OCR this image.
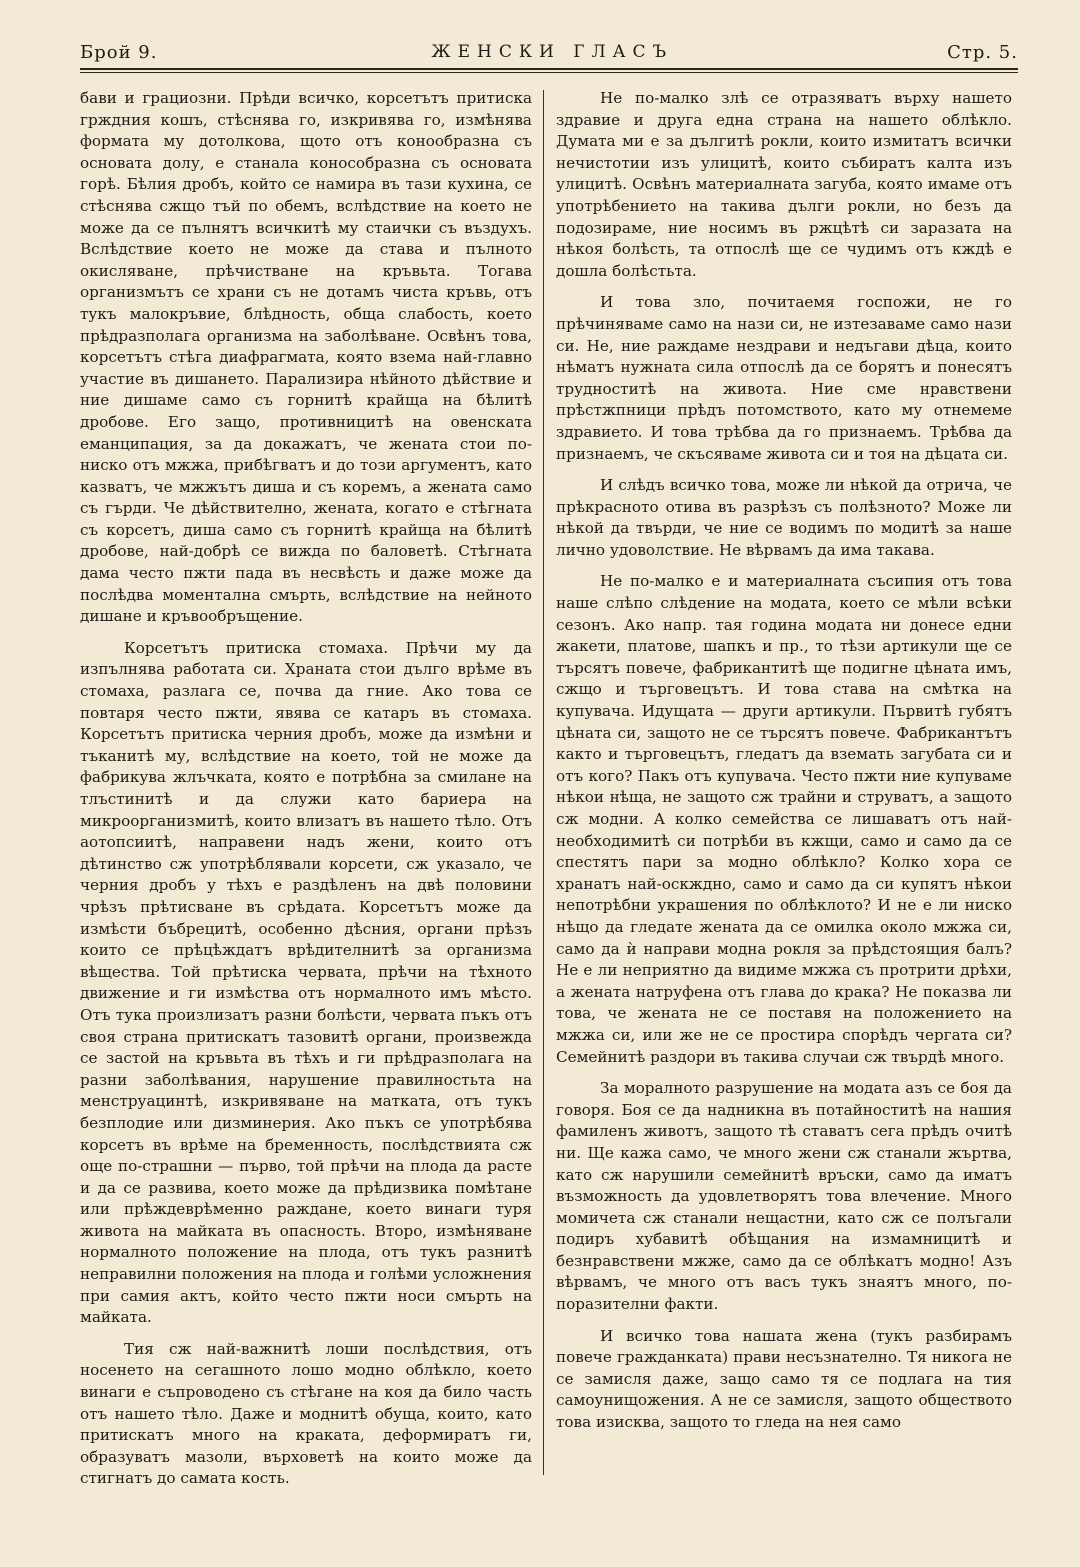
Брой 9.	ЖЕНСКИ ГЛАСЪ	Стр. 5.

бави и грациозни. Прѣди всичко, корсетътъ притиска грждния кошъ, стѣснява го, изкривява го, измѣнява формата му дотолкова, щото отъ конообразна съ основата долу, е станала конособразна съ основата горѣ. Бѣлия дробъ, който се намира въ тази кухина, се стѣснява сжщо тъй по обемъ, вслѣдствие на което не може да се пълнятъ всичкитѣ му стаички съ въздухъ. Вслѣдствие което не може да става и пълното окисляване, прѣчистване на кръвьта. Тогава организмътъ се храни съ не дотамъ чиста кръвь, отъ тукъ малокръвие, блѣдность, обща слабость, което прѣдразполага организма на заболѣване. Освѣнъ това, корсетътъ стѣга диафрагмата, която взема най-главно участие въ дишането. Парализира нѣйното дѣйствие и ние дишаме само съ горнитѣ крайща на бѣлитѣ дробове. Его защо, противницитѣ на овенската еманципация, за да докажатъ, че жената стои по-ниско отъ мжжа, прибѣгватъ и до този аргументъ, като казватъ, че мжжътъ диша и съ коремъ, а жената само съ гърди. Че дѣйствително, жената, когато е стѣгната съ корсетъ, диша само съ горнитѣ крайща на бѣлитѣ дробове, най-добрѣ се вижда по баловетѣ. Стѣгнатa дама често пжти пада въ несвѣсть и даже може да послѣдва моментална смърть, вслѣдствие на нейното дишане и кръвообръщение.

Корсетътъ притиска стомаха. Прѣчи му да изпълнява работата си. Храната стои дълго врѣме въ стомаха, разлага се, почва да гние. Ако това се повтаря често пжти, явява се катаръ въ стомаха. Корсетътъ притиска черния дробъ, може да измѣни и тъканитѣ му, вслѣдствие на което, той не може да фабрикува жлъчката, която е потрѣбна за смилане на тлъстинитѣ и да служи като бариера на микроорганизмитѣ, които влизатъ въ нашето тѣло. Отъ аотопсиитѣ, направени надъ жени, които отъ дѣтинство сж употрѣблявали корсети, сж указало, че черния дробъ у тѣхъ е раздѣленъ на двѣ половини чрѣзъ прѣтисване въ срѣдата. Корсетътъ може да измѣсти бъбрецитѣ, особенно дѣсния, органи прѣзъ които се прѣцѣждатъ врѣдителнитѣ за организма вѣщества. Той прѣтиска червата, прѣчи на тѣхното движение и ги измѣства отъ нормалното имъ мѣсто. Отъ тука произлизатъ разни болѣсти, червата пъкъ отъ своя страна притискатъ тазовитѣ органи, произвежда се застой на кръвьта въ тѣхъ и ги прѣдразполага на разни заболѣвания, нарушение правилностьта на менструацинтѣ, изкривяване на матката, отъ тукъ безплодие или дизминерия. Ако пъкъ се употрѣбява корсетъ въ врѣме на бременность, послѣдствията сж още по-страшни — първо, той прѣчи на плода да расте и да се развива, което може да прѣдизвика помѣтане или прѣждеврѣменно раждане, което винаги туря живота на майката въ опасность. Второ, измѣняване нормалното положение на плода, отъ тукъ разнитѣ неправилни положения на плода и голѣми усложнения при самия актъ, който често пжти носи смърть на майката.

Тия сж най-важнитѣ лоши послѣдствия, отъ носенето на сегашното лошо модно облѣкло, което винаги е съпроводено съ стѣгане на коя да било часть отъ нашето тѣло. Даже и моднитѣ обуща, които, като притискатъ много на краката, деформиратъ ги, образуватъ мазоли, върховетѣ на които може да стигнатъ до самата кость.

Не по-малко злѣ се отразяватъ върху нашето здравие и друга една страна на нашето облѣкло. Думата ми е за дългитѣ рокли, които измитатъ всички нечистотии изъ улицитѣ, които събиратъ калта изъ улицитѣ. Освѣнъ материалната загуба, която имаме отъ употрѣбението на такива дълги рокли, но безъ да подозираме, ние носимъ въ ржцѣтѣ си заразата на нѣкоя болѣсть, та отпослѣ ще се чудимъ отъ кждѣ е дошла болѣстьта.

И това зло, почитаемя госпожи, не го прѣчиняваме само на нази си, не изтезаваме само нази си. Не, ние раждаме нездрави и недъгави дѣца, които нѣматъ нужната сила отпослѣ да се борятъ и понесятъ трудноститѣ на живота. Ние сме нравствени прѣстжпници прѣдъ потомството, като му отнемеме здравието. И това трѣбва да го признаемъ. Трѣбва да признаемъ, че скъсяваме живота си и тоя на дѣцата си.

И слѣдъ всичко това, може ли нѣкой да отрича, че прѣкрасното отива въ разрѣзъ съ полѣзното? Може ли нѣкой да твърди, че ние се водимъ по модитѣ за наше лично удоволствие. Не вѣрвамъ да има такава.

Не по-малко е и материалната съсипия отъ това наше слѣпо слѣдение на модата, което се мѣли всѣки сезонъ. Ако напр. тая година модата ни донесе едни жакети, платове, шапкъ и пр., то тѣзи артикули ще се търсятъ повече, фабрикантитѣ ще подигне цѣната имъ, сжщо и търговецътъ. И това става на смѣтка на купувача. Идущата — други артикули. Първитѣ губятъ цѣната си, защото не се търсятъ повече. Фабрикантътъ както и търговецътъ, гледатъ да вземать загубата си и отъ кого? Пакъ отъ купувача. Често пжти ние купуваме нѣкои нѣща, не защото сж трайни и струватъ, а защото сж модни. А колко семейства се лишаватъ отъ най-необходимитѣ си потрѣби въ кжщи, само и само да се спестятъ пари за модно облѣкло? Колко хора се хранатъ най-оскждно, само и само да си купятъ нѣкои непотрѣбни украшения по облѣклото? И не е ли ниско нѣщо да гледате жената да се омилка около мжжа си, само да ѝ направи модна рокля за прѣдстоящия балъ? Не е ли неприятно да видиме мжжа съ протрити дрѣхи, а жената натруфена отъ глава до крака? Не показва ли това, че жената не се поставя на положението на мжжа си, или же не се простира спорѣдъ чергата си? Семейнитѣ раздори въ такива случаи сж твърдѣ много.

За моралното разрушение на модата азъ се боя да говоря. Боя се да надникна въ потайноститѣ на нашия фамиленъ животъ, защото тѣ ставатъ сега прѣдъ очитѣ ни. Ще кажа само, че много жени сж станали жъртва, като сж нарушили семейнитѣ връски, само да иматъ възможность да удовлетворятъ това влечение. Много момичета сж станали нещастни, като сж се полъгали подиръ хубавитѣ обѣщания на измамницитѣ и безнравствени мжже, само да се облѣкатъ модно! Азъ вѣрвамъ, че много отъ васъ тукъ знаятъ много, по-поразителни факти.

И всичко това нашата жена (тукъ разбирамъ повече гражданката) прави несъзнателно. Тя никога не се замисля даже, защо само тя се подлага на тия самоунищожения. А не се замисля, защото обществото това изисква, защото то гледа на нея само
